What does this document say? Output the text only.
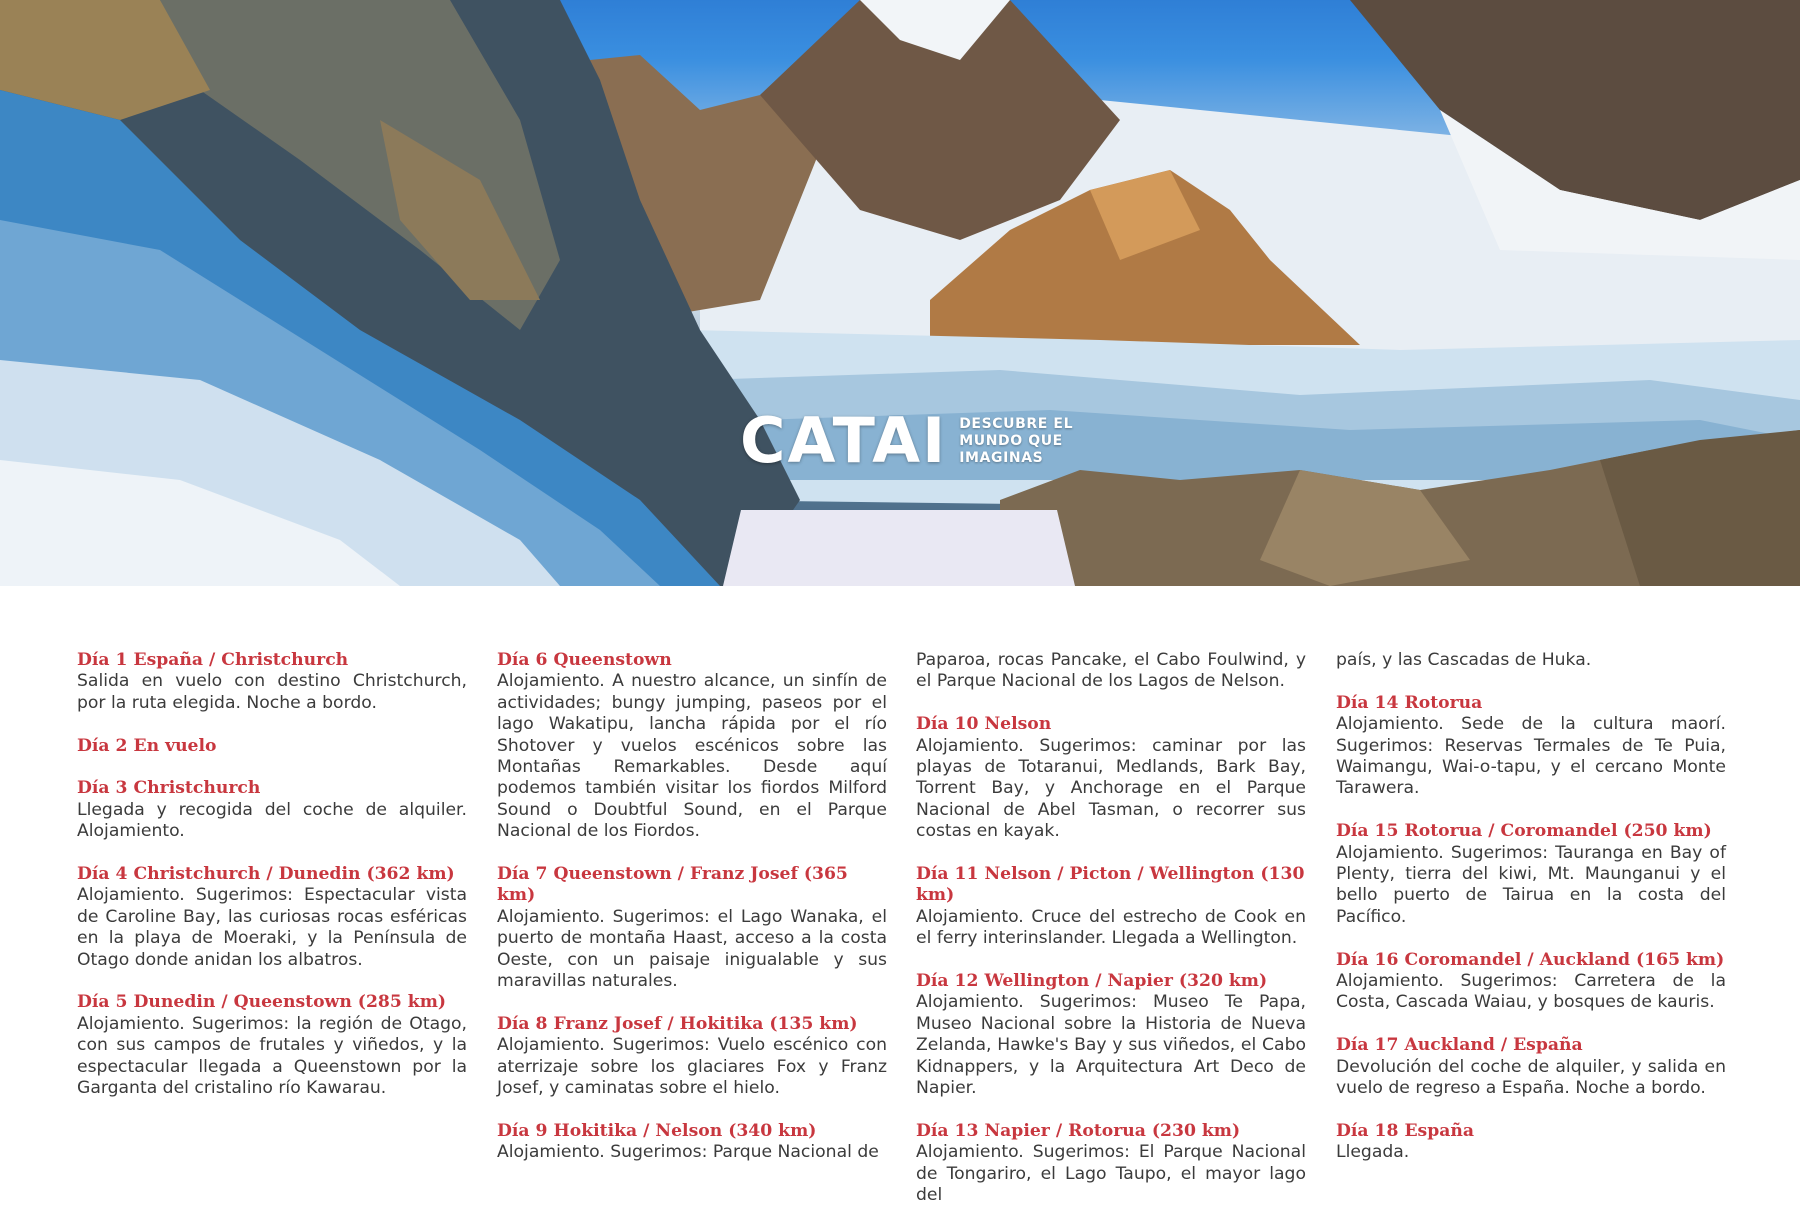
CATAI DESCUBRE EL
MUNDO QUE
IMAGINAS
Día 1 España / Christchurch
Salida en vuelo con destino Christchurch, por la ruta elegida. Noche a bordo.
Día 2 En vuelo
Día 3 Christchurch
Llegada y recogida del coche de alquiler. Alojamiento.
Día 4 Christchurch / Dunedin (362 km)
Alojamiento. Sugerimos: Espectacular vista de Caroline Bay, las curiosas rocas esféricas en la playa de Moeraki, y la Península de Otago donde anidan los albatros.
Día 5 Dunedin / Queenstown (285 km)
Alojamiento. Sugerimos: la región de Otago, con sus campos de frutales y viñedos, y la espectacular llegada a Queenstown por la Garganta del cristalino río Kawarau.
Día 6 Queenstown
Alojamiento. A nuestro alcance, un sinfín de actividades; bungy jumping, paseos por el lago Wakatipu, lancha rápida por el río Shotover y vuelos escénicos sobre las Montañas Remarkables. Desde aquí podemos también visitar los fiordos Milford Sound o Doubtful Sound, en el Parque Nacional de los Fiordos.
Día 7 Queenstown / Franz Josef (365 km)
Alojamiento. Sugerimos: el Lago Wanaka, el puerto de montaña Haast, acceso a la costa Oeste, con un paisaje inigualable y sus maravillas naturales.
Día 8 Franz Josef / Hokitika (135 km)
Alojamiento. Sugerimos: Vuelo escénico con aterrizaje sobre los glaciares Fox y Franz Josef, y caminatas sobre el hielo.
Día 9 Hokitika / Nelson (340 km)
Alojamiento. Sugerimos: Parque Nacional de
Paparoa, rocas Pancake, el Cabo Foulwind, y el Parque Nacional de los Lagos de Nelson.
Día 10 Nelson
Alojamiento. Sugerimos: caminar por las playas de Totaranui, Medlands, Bark Bay, Torrent Bay, y Anchorage en el Parque Nacional de Abel Tasman, o recorrer sus costas en kayak.
Día 11 Nelson / Picton / Wellington (130 km)
Alojamiento. Cruce del estrecho de Cook en el ferry interinslander. Llegada a Wellington.
Día 12 Wellington / Napier (320 km)
Alojamiento. Sugerimos: Museo Te Papa, Museo Nacional sobre la Historia de Nueva Zelanda, Hawke's Bay y sus viñedos, el Cabo Kidnappers, y la Arquitectura Art Deco de Napier.
Día 13 Napier / Rotorua (230 km)
Alojamiento. Sugerimos: El Parque Nacional de Tongariro, el Lago Taupo, el mayor lago del
país, y las Cascadas de Huka.
Día 14 Rotorua
Alojamiento. Sede de la cultura maorí. Sugerimos: Reservas Termales de Te Puia, Waimangu, Wai-o-tapu, y el cercano Monte Tarawera.
Día 15 Rotorua / Coromandel (250 km)
Alojamiento. Sugerimos: Tauranga en Bay of Plenty, tierra del kiwi, Mt. Maunganui y el bello puerto de Tairua en la costa del Pacífico.
Día 16 Coromandel / Auckland (165 km)
Alojamiento. Sugerimos: Carretera de la Costa, Cascada Waiau, y bosques de kauris.
Día 17 Auckland / España
Devolución del coche de alquiler, y salida en vuelo de regreso a España. Noche a bordo.
Día 18 España
Llegada.
